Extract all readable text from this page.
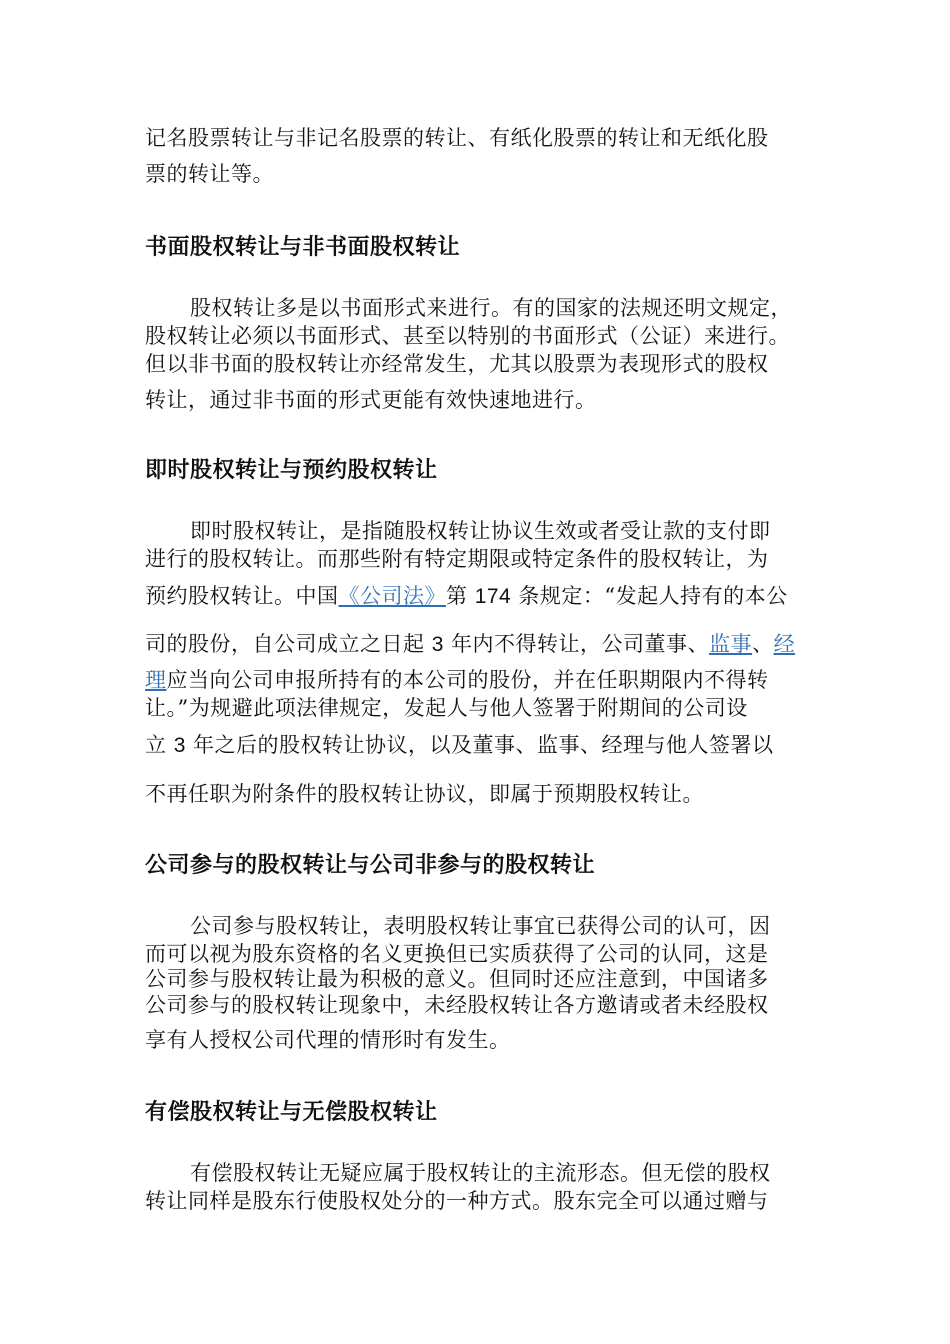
记名股票转让与非记名股票的转让、有纸化股票的转让和无纸化股
票的转让等。
书面股权转让与非书面股权转让
股权转让多是以书面形式来进行。有的国家的法规还明文规定，
股权转让必须以书面形式、甚至以特别的书面形式（公证）来进行。
但以非书面的股权转让亦经常发生，尤其以股票为表现形式的股权
转让，通过非书面的形式更能有效快速地进行。
即时股权转让与预约股权转让
即时股权转让，是指随股权转让协议生效或者受让款的支付即
进行的股权转让。而那些附有特定期限或特定条件的股权转让，为
预约股权转让。中国《公司法》第 174 条规定：“发起人持有的本公
司的股份，自公司成立之日起 3 年内不得转让，公司董事、监事、经
理应当向公司申报所持有的本公司的股份，并在任职期限内不得转
让。”为规避此项法律规定，发起人与他人签署于附期间的公司设
立 3 年之后的股权转让协议，以及董事、监事、经理与他人签署以
不再任职为附条件的股权转让协议，即属于预期股权转让。
公司参与的股权转让与公司非参与的股权转让
公司参与股权转让，表明股权转让事宜已获得公司的认可，因
而可以视为股东资格的名义更换但已实质获得了公司的认同，这是
公司参与股权转让最为积极的意义。但同时还应注意到，中国诸多
公司参与的股权转让现象中，未经股权转让各方邀请或者未经股权
享有人授权公司代理的情形时有发生。
有偿股权转让与无偿股权转让
有偿股权转让无疑应属于股权转让的主流形态。但无偿的股权
转让同样是股东行使股权处分的一种方式。股东完全可以通过赠与
